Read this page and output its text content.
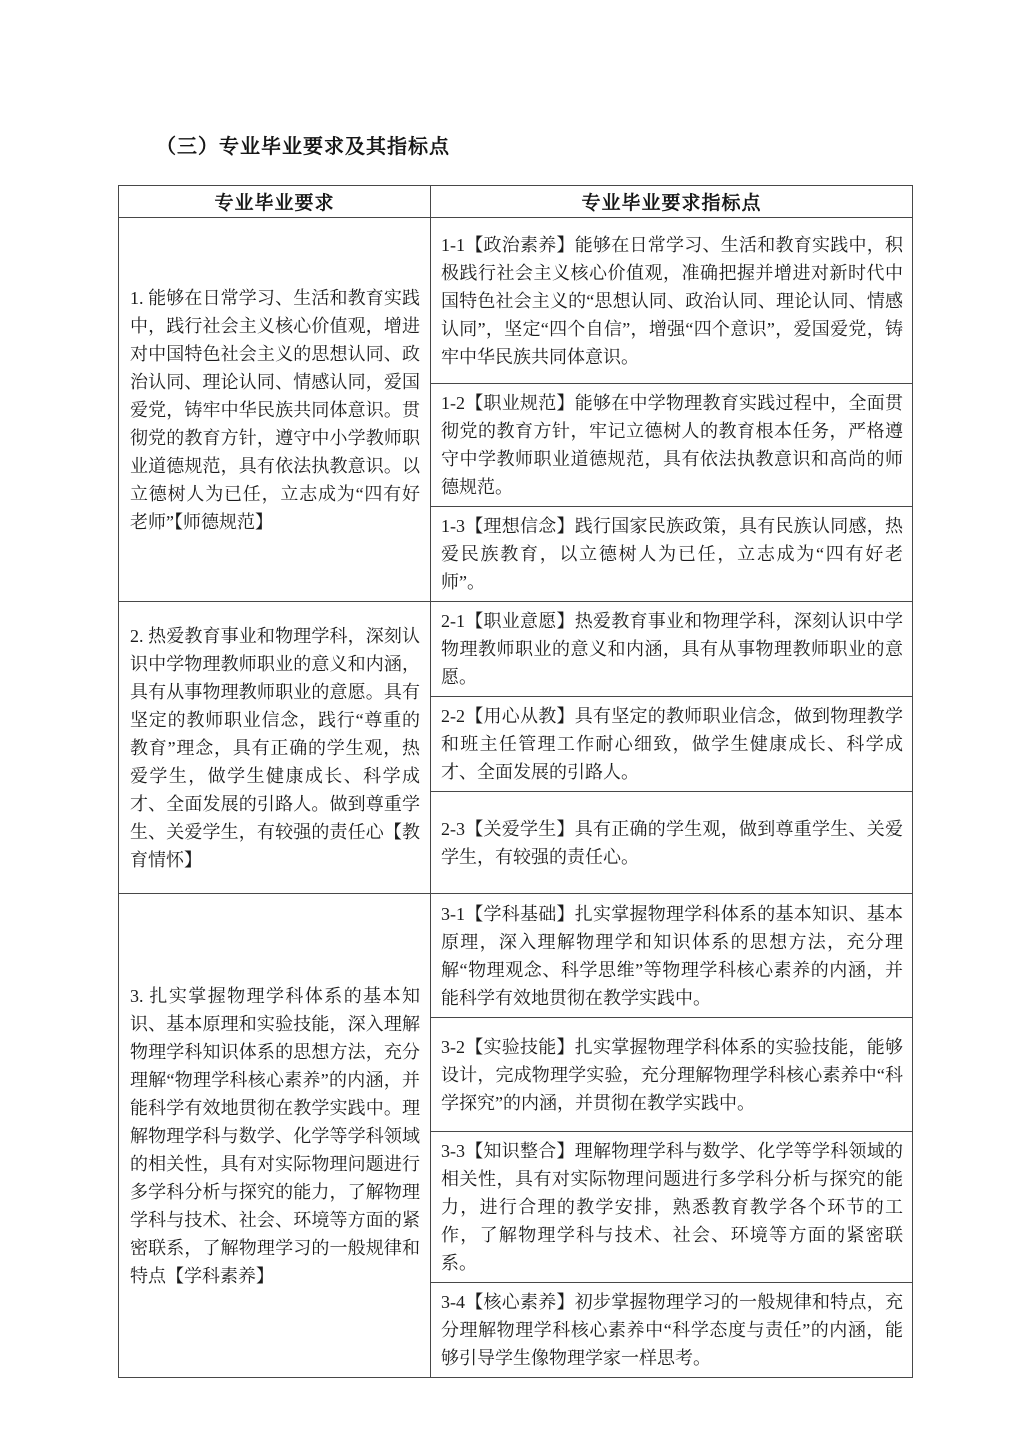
（三）专业毕业要求及其指标点
专业毕业要求	专业毕业要求指标点
1. 能够在日常学习、生活和教育实践中，践行社会主义核心价值观，增进对中国特色社会主义的思想认同、政治认同、理论认同、情感认同，爱国爱党，铸牢中华民族共同体意识。贯彻党的教育方针，遵守中小学教师职业道德规范，具有依法执教意识。以立德树人为已任，立志成为“四有好老师”【师德规范】	1-1【政治素养】能够在日常学习、生活和教育实践中，积极践行社会主义核心价值观，准确把握并增进对新时代中国特色社会主义的“思想认同、政治认同、理论认同、情感认同”，坚定“四个自信”，增强“四个意识”，爱国爱党，铸牢中华民族共同体意识。
	1-2【职业规范】能够在中学物理教育实践过程中，全面贯彻党的教育方针，牢记立德树人的教育根本任务，严格遵守中学教师职业道德规范，具有依法执教意识和高尚的师德规范。
	1-3【理想信念】践行国家民族政策，具有民族认同感，热爱民族教育，以立德树人为已任，立志成为“四有好老师”。
2. 热爱教育事业和物理学科，深刻认识中学物理教师职业的意义和内涵，具有从事物理教师职业的意愿。具有坚定的教师职业信念，践行“尊重的教育”理念，具有正确的学生观，热爱学生，做学生健康成长、科学成才、全面发展的引路人。做到尊重学生、关爱学生，有较强的责任心【教育情怀】	2-1【职业意愿】热爱教育事业和物理学科，深刻认识中学物理教师职业的意义和内涵，具有从事物理教师职业的意愿。
	2-2【用心从教】具有坚定的教师职业信念，做到物理教学和班主任管理工作耐心细致，做学生健康成长、科学成才、全面发展的引路人。
	2-3【关爱学生】具有正确的学生观，做到尊重学生、关爱学生，有较强的责任心。
3. 扎实掌握物理学科体系的基本知识、基本原理和实验技能，深入理解物理学科知识体系的思想方法，充分理解“物理学科核心素养”的内涵，并能科学有效地贯彻在教学实践中。理解物理学科与数学、化学等学科领域的相关性，具有对实际物理问题进行多学科分析与探究的能力，了解物理学科与技术、社会、环境等方面的紧密联系，了解物理学习的一般规律和特点【学科素养】	3-1【学科基础】扎实掌握物理学科体系的基本知识、基本原理，深入理解物理学和知识体系的思想方法，充分理解“物理观念、科学思维”等物理学科核心素养的内涵，并能科学有效地贯彻在教学实践中。
	3-2【实验技能】扎实掌握物理学科体系的实验技能，能够设计，完成物理学实验，充分理解物理学科核心素养中“科学探究”的内涵，并贯彻在教学实践中。
	3-3【知识整合】理解物理学科与数学、化学等学科领域的相关性，具有对实际物理问题进行多学科分析与探究的能力，进行合理的教学安排，熟悉教育教学各个环节的工作，了解物理学科与技术、社会、环境等方面的紧密联系。
	3-4【核心素养】初步掌握物理学习的一般规律和特点，充分理解物理学科核心素养中“科学态度与责任”的内涵，能够引导学生像物理学家一样思考。
